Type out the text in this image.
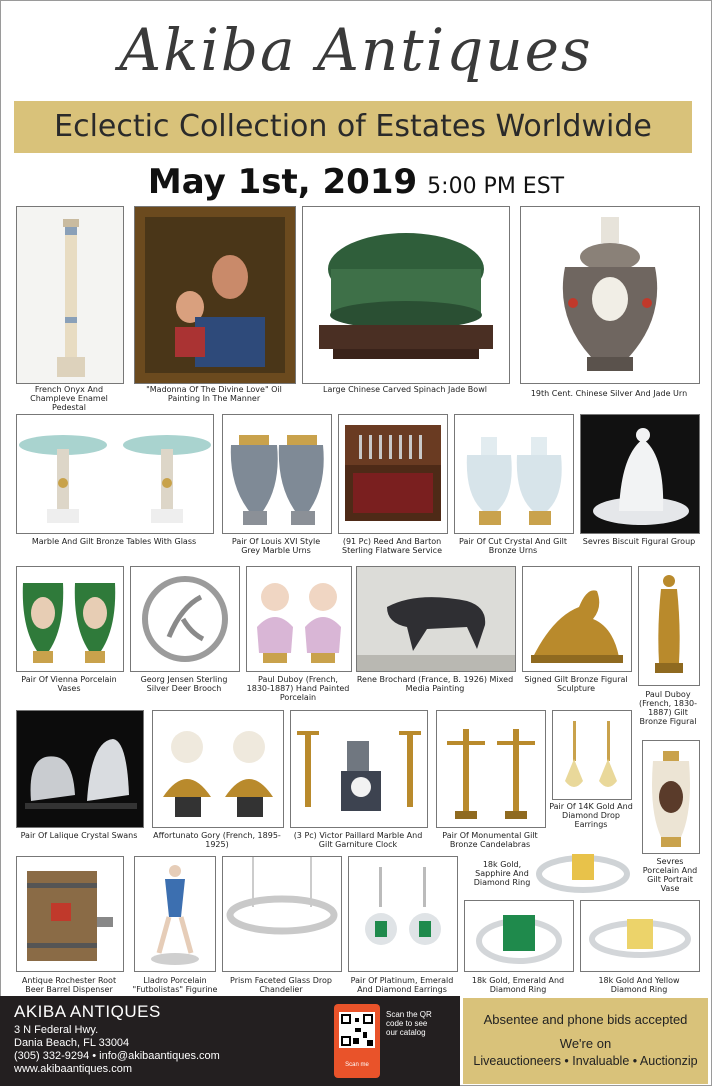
Akiba Antiques
Eclectic Collection of Estates Worldwide
May 1st, 2019 5:00 PM EST
French Onyx And Champleve Enamel Pedestal
"Madonna Of The Divine Love" Oil Painting In The Manner
Large Chinese Carved Spinach Jade Bowl	19th Cent. Chinese Silver And Jade Urn
Marble And Gilt Bronze Tables With Glass	Pair Of Louis XVI Style Grey Marble Urns
(91 Pc) Reed And Barton Sterling Flatware Service
Pair Of Cut Crystal And Gilt Bronze Urns
Sevres Biscuit Figural Group
Pair Of Vienna Porcelain Vases
Georg Jensen Sterling Silver Deer Brooch
Paul Duboy (French, 1830-1887) Hand Painted Porcelain
Rene Brochard (France, B. 1926) Mixed Media Painting
Signed Gilt Bronze Figural Sculpture
Paul Duboy (French, 1830-1887) Gilt Bronze Figural
Pair Of Lalique Crystal Swans	Affortunato Gory (French, 1895-1925)
(3 Pc) Victor Paillard Marble And Gilt Garniture Clock
Pair Of Monumental Gilt Bronze Candelabras
Pair Of 14K Gold And Diamond Drop Earrings
Sevres Porcelain And Gilt Portrait Vase
Antique Rochester Root Beer Barrel Dispenser
Lladro Porcelain "Futbolistas" Figurine
Prism Faceted Glass Drop Chandelier
Pair Of Platinum, Emerald And Diamond Earrings
18k Gold, Sapphire And Diamond Ring
18k Gold, Emerald And Diamond Ring
18k Gold And Yellow Diamond Ring
AKIBA ANTIQUES
3 N Federal Hwy.
Dania Beach, FL 33004
(305) 332-9294 • info@akibaantiques.com
www.akibaantiques.com	Scan me
Scan the QR code to see our catalog
Absentee and phone bids accepted
We're on
Liveauctioneers • Invaluable • Auctionzip
